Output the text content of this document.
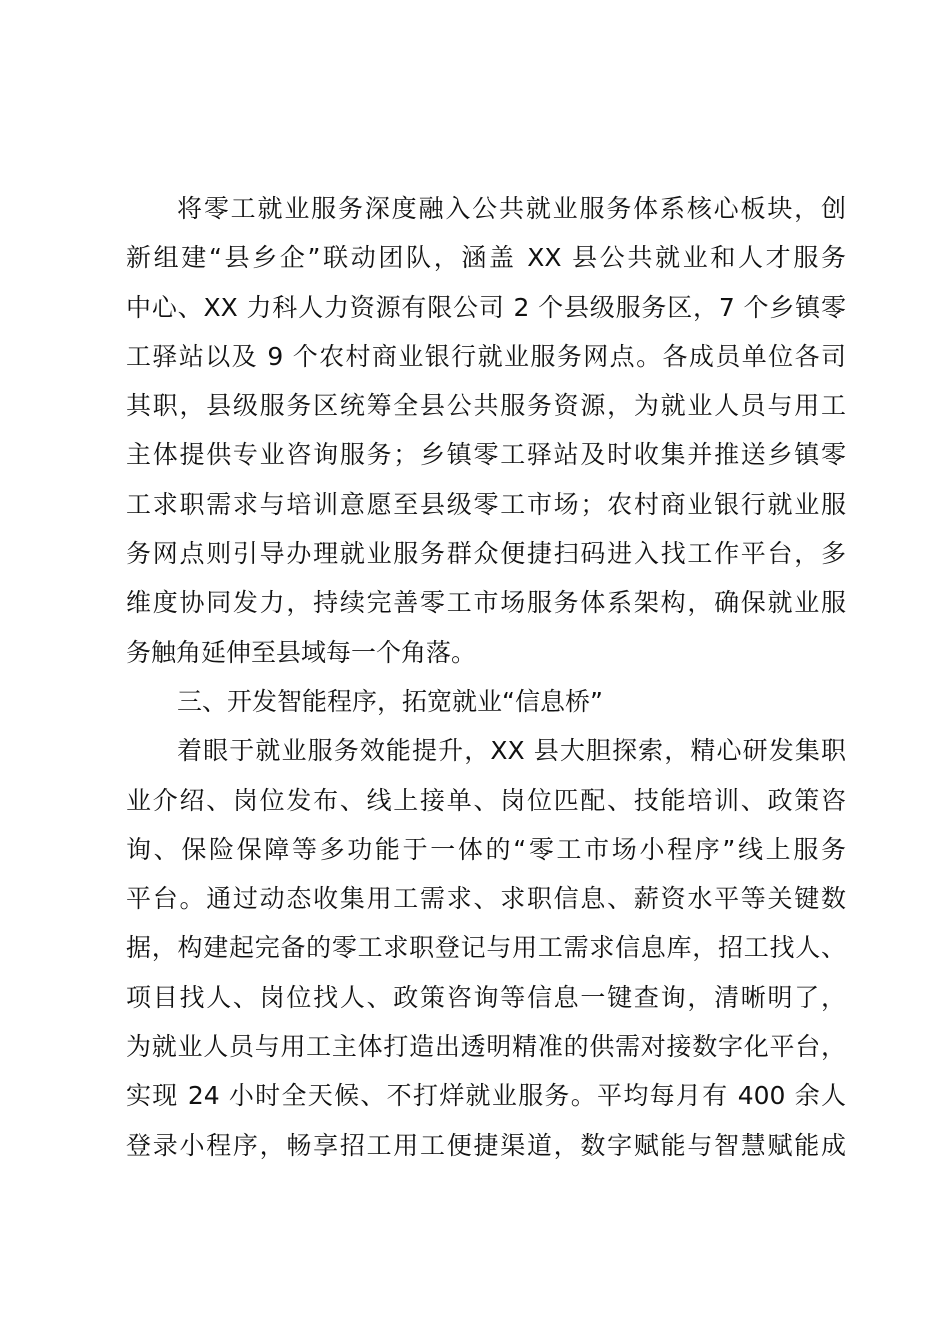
将零工就业服务深度融入公共就业服务体系核心板块，创
新组建“县乡企”联动团队，涵盖 XX 县公共就业和人才服务
中心、XX 力科人力资源有限公司 2 个县级服务区，7 个乡镇零
工驿站以及 9 个农村商业银行就业服务网点。各成员单位各司
其职，县级服务区统筹全县公共服务资源，为就业人员与用工
主体提供专业咨询服务；乡镇零工驿站及时收集并推送乡镇零
工求职需求与培训意愿至县级零工市场；农村商业银行就业服
务网点则引导办理就业服务群众便捷扫码进入找工作平台，多
维度协同发力，持续完善零工市场服务体系架构，确保就业服
务触角延伸至县域每一个角落。
三、开发智能程序，拓宽就业“信息桥”
着眼于就业服务效能提升，XX 县大胆探索，精心研发集职
业介绍、岗位发布、线上接单、岗位匹配、技能培训、政策咨
询、保险保障等多功能于一体的“零工市场小程序”线上服务
平台。通过动态收集用工需求、求职信息、薪资水平等关键数
据，构建起完备的零工求职登记与用工需求信息库，招工找人、
项目找人、岗位找人、政策咨询等信息一键查询，清晰明了，
为就业人员与用工主体打造出透明精准的供需对接数字化平台，
实现 24 小时全天候、不打烊就业服务。平均每月有 400 余人
登录小程序，畅享招工用工便捷渠道，数字赋能与智慧赋能成
